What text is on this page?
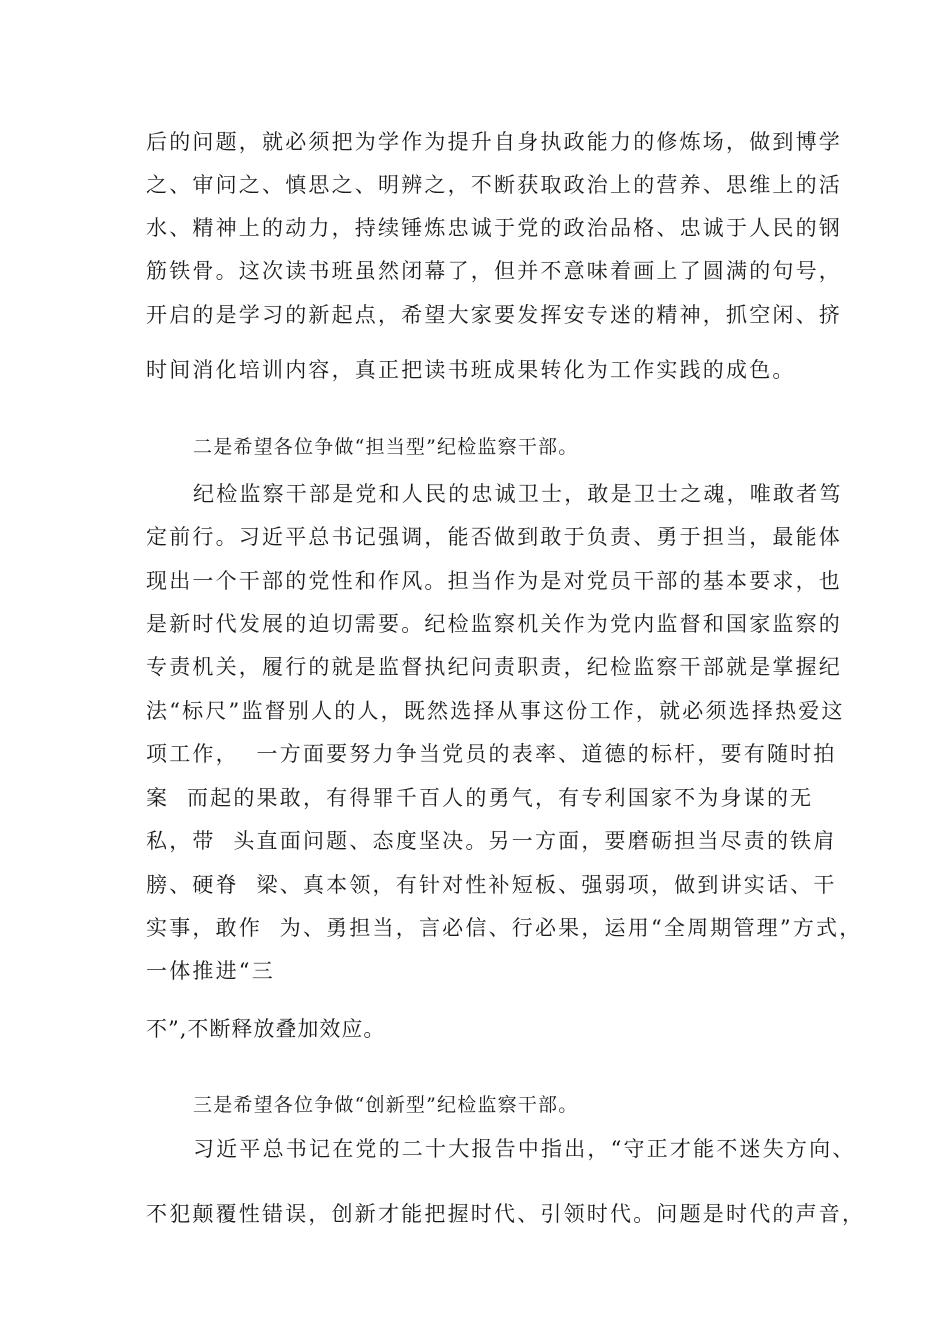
后的问题，就必须把为学作为提升自身执政能力的修炼场，做到博学
之、审问之、慎思之、明辨之，不断获取政治上的营养、思维上的活
水、精神上的动力，持续锤炼忠诚于党的政治品格、忠诚于人民的钢
筋铁骨。这次读书班虽然闭幕了，但并不意味着画上了圆满的句号，
开启的是学习的新起点，希望大家要发挥安专迷的精神，抓空闲、挤
时间消化培训内容，真正把读书班成果转化为工作实践的成色。
二是希望各位争做“担当型”纪检监察干部。
纪检监察干部是党和人民的忠诚卫士，敢是卫士之魂，唯敢者笃
定前行。习近平总书记强调，能否做到敢于负责、勇于担当，最能体
现出一个干部的党性和作风。担当作为是对党员干部的基本要求，也
是新时代发展的迫切需要。纪检监察机关作为党内监督和国家监察的
专责机关，履行的就是监督执纪问责职责，纪检监察干部就是掌握纪
法“标尺”监督别人的人，既然选择从事这份工作，就必须选择热爱这
项工作，  一方面要努力争当党员的表率、道德的标杆，要有随时拍
案  而起的果敢，有得罪千百人的勇气，有专利国家不为身谋的无
私，带  头直面问题、态度坚决。另一方面，要磨砺担当尽责的铁肩
膀、硬脊  梁、真本领，有针对性补短板、强弱项，做到讲实话、干
实事，敢作  为、勇担当，言必信、行必果，运用“全周期管理”方式，
一体推进“三
不”,不断释放叠加效应。
三是希望各位争做“创新型”纪检监察干部。
习近平总书记在党的二十大报告中指出，“守正才能不迷失方向、
不犯颠覆性错误，创新才能把握时代、引领时代。问题是时代的声音，
